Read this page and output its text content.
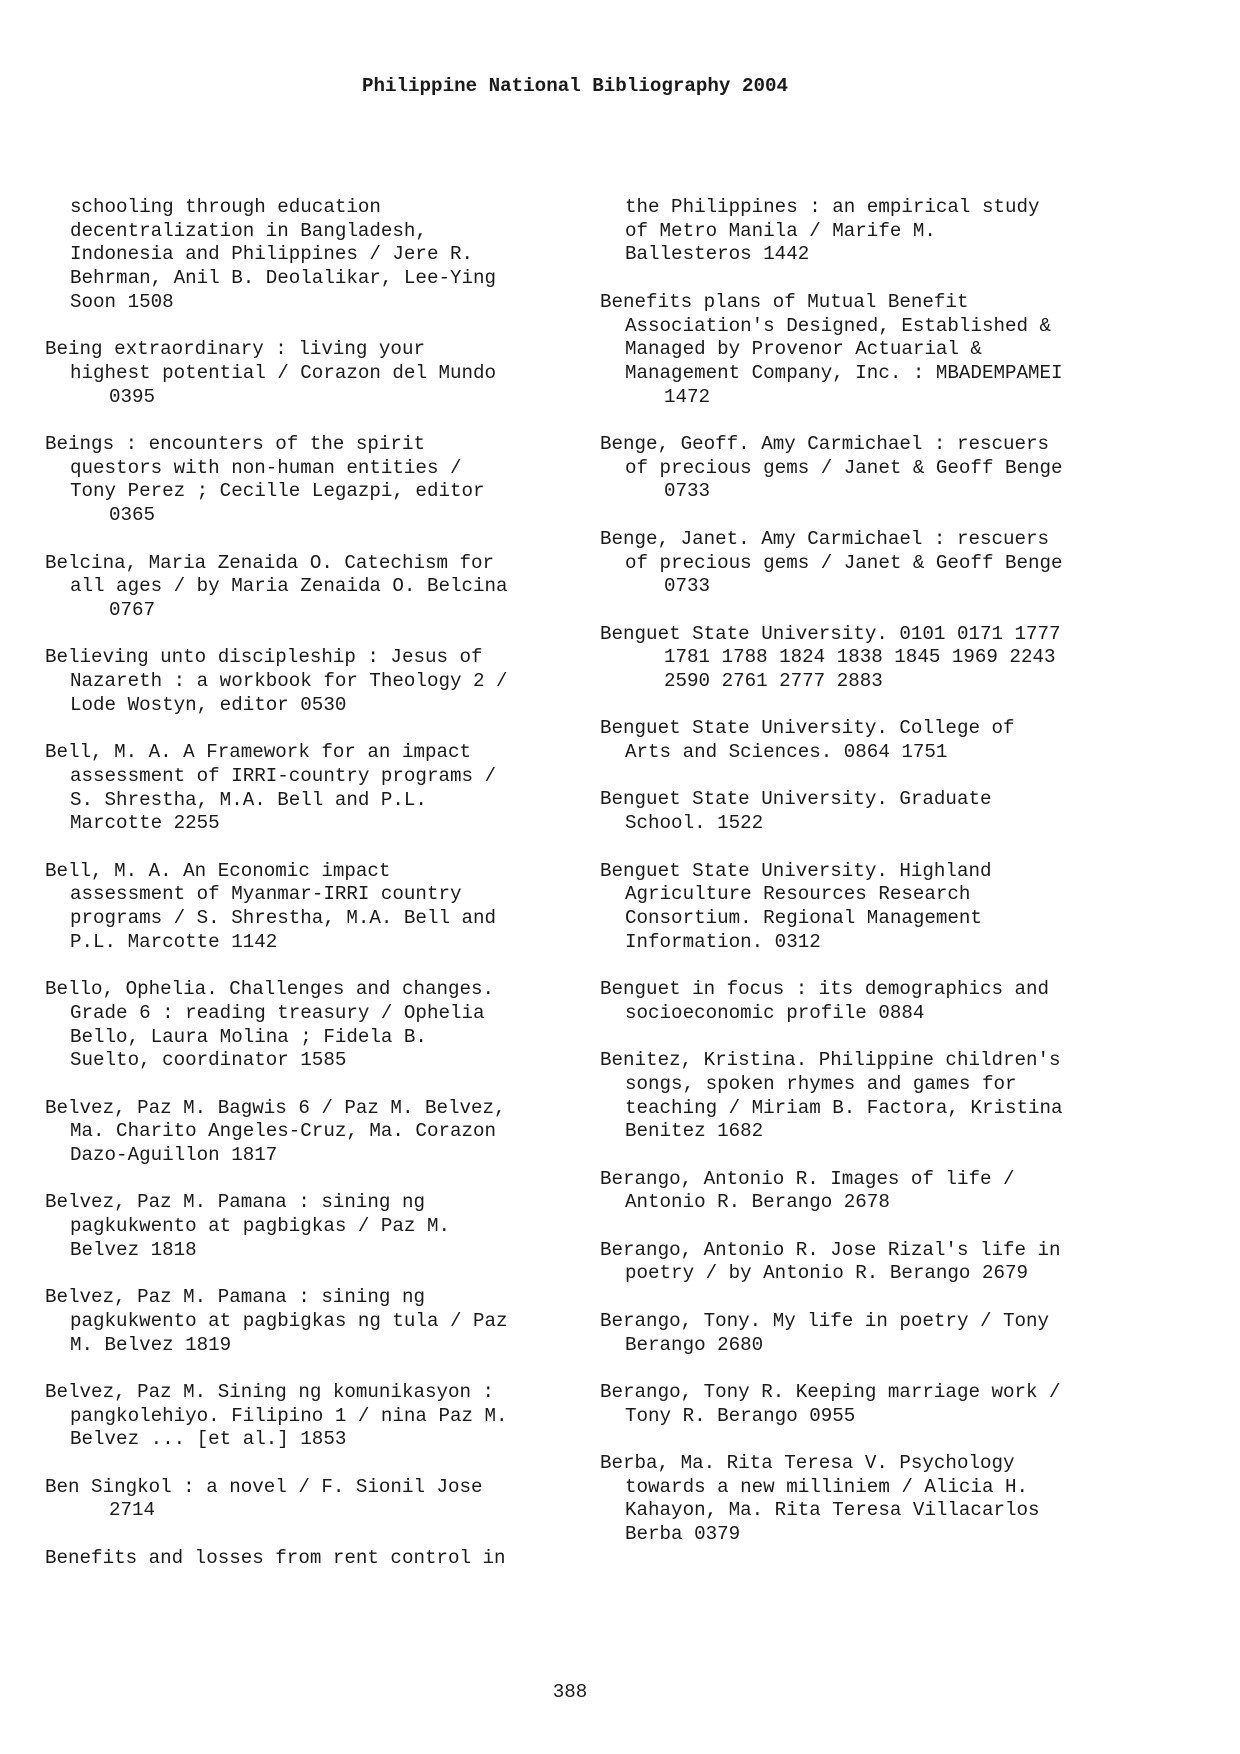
Philippine National Bibliography 2004
schooling through education
decentralization in Bangladesh,
Indonesia and Philippines / Jere R.
Behrman, Anil B. Deolalikar, Lee-Ying
Soon 1508
Being extraordinary : living your
highest potential / Corazon del Mundo
0395
Beings : encounters of the spirit
questors with non-human entities /
Tony Perez ; Cecille Legazpi, editor
0365
Belcina, Maria Zenaida O. Catechism for
all ages / by Maria Zenaida O. Belcina
0767
Believing unto discipleship : Jesus of
Nazareth : a workbook for Theology 2 /
Lode Wostyn, editor 0530
Bell, M. A. A Framework for an impact
assessment of IRRI-country programs /
S. Shrestha, M.A. Bell and P.L.
Marcotte 2255
Bell, M. A. An Economic impact
assessment of Myanmar-IRRI country
programs / S. Shrestha, M.A. Bell and
P.L. Marcotte 1142
Bello, Ophelia. Challenges and changes.
Grade 6 : reading treasury / Ophelia
Bello, Laura Molina ; Fidela B.
Suelto, coordinator 1585
Belvez, Paz M. Bagwis 6 / Paz M. Belvez,
Ma. Charito Angeles-Cruz, Ma. Corazon
Dazo-Aguillon 1817
Belvez, Paz M. Pamana : sining ng
pagkukwento at pagbigkas / Paz M.
Belvez 1818
Belvez, Paz M. Pamana : sining ng
pagkukwento at pagbigkas ng tula / Paz
M. Belvez 1819
Belvez, Paz M. Sining ng komunikasyon :
pangkolehiyo. Filipino 1 / nina Paz M.
Belvez ... [et al.] 1853
Ben Singkol : a novel / F. Sionil Jose
2714
Benefits and losses from rent control in
the Philippines : an empirical study
of Metro Manila / Marife M.
Ballesteros 1442
Benefits plans of Mutual Benefit
Association's Designed, Established &
Managed by Provenor Actuarial &
Management Company, Inc. : MBADEMPAMEI
1472
Benge, Geoff. Amy Carmichael : rescuers
of precious gems / Janet & Geoff Benge
0733
Benge, Janet. Amy Carmichael : rescuers
of precious gems / Janet & Geoff Benge
0733
Benguet State University. 0101 0171 1777
1781 1788 1824 1838 1845 1969 2243
2590 2761 2777 2883
Benguet State University. College of
Arts and Sciences. 0864 1751
Benguet State University. Graduate
School. 1522
Benguet State University. Highland
Agriculture Resources Research
Consortium. Regional Management
Information. 0312
Benguet in focus : its demographics and
socioeconomic profile 0884
Benitez, Kristina. Philippine children's
songs, spoken rhymes and games for
teaching / Miriam B. Factora, Kristina
Benitez 1682
Berango, Antonio R. Images of life /
Antonio R. Berango 2678
Berango, Antonio R. Jose Rizal's life in
poetry / by Antonio R. Berango 2679
Berango, Tony. My life in poetry / Tony
Berango 2680
Berango, Tony R. Keeping marriage work /
Tony R. Berango 0955
Berba, Ma. Rita Teresa V. Psychology
towards a new milliniem / Alicia H.
Kahayon, Ma. Rita Teresa Villacarlos
Berba 0379
388
